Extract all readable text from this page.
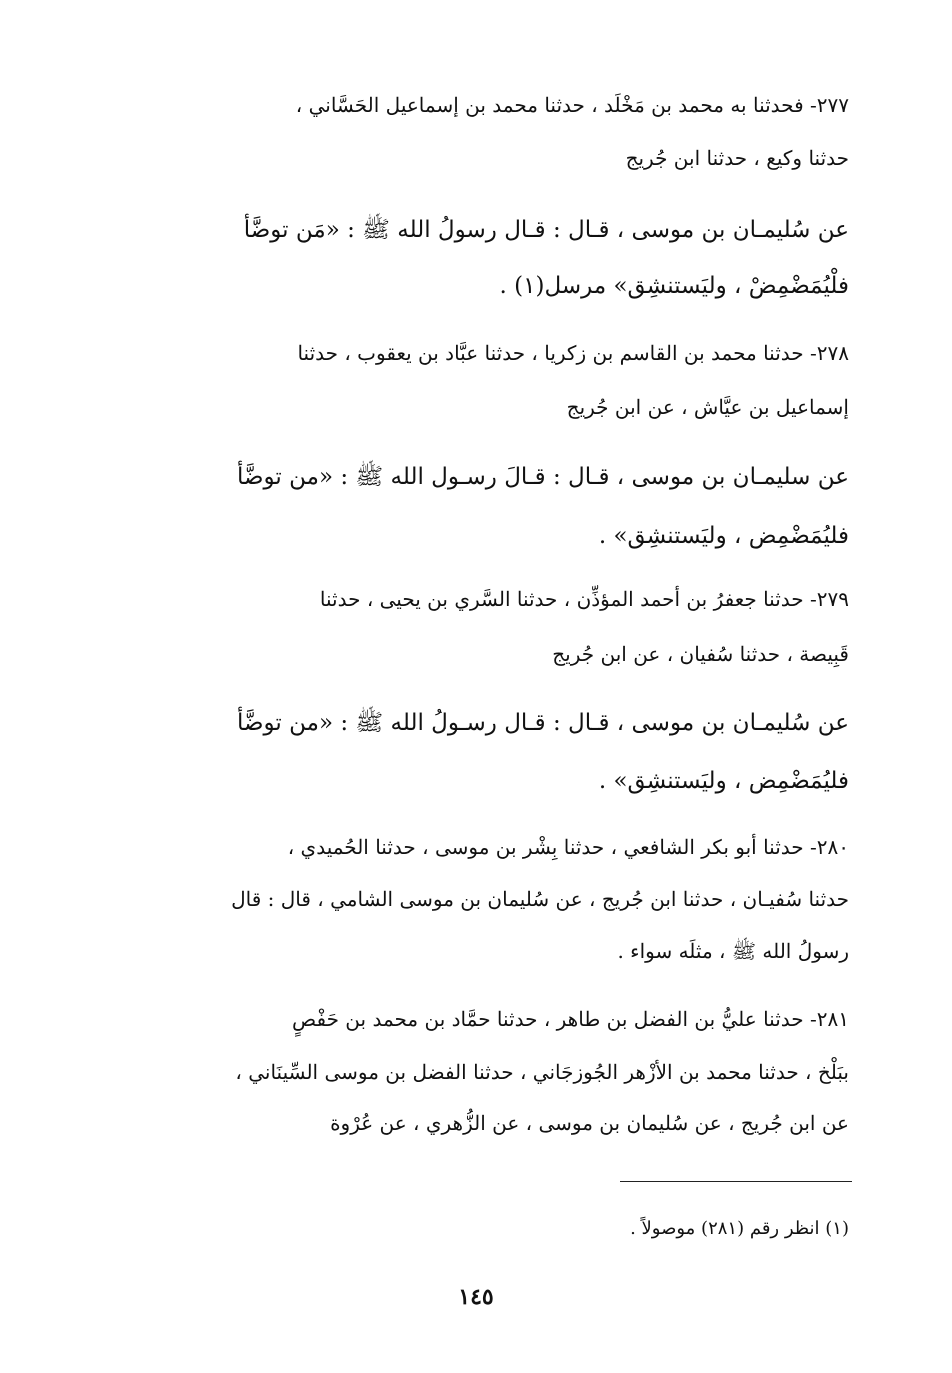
٢٧٧- فحدثنا به محمد بن مَخْلَد ، حدثنا محمد بن إسماعيل الحَسَّاني ،
حدثنا وكيع ، حدثنا ابن جُريج
عن سُليمـان بن موسى ، قـال : قـال رسولُ الله ﷺ : «مَن توضَّأ
فلْيُمَضْمِضْ ، وليَستنشِق» مرسل(١) .
٢٧٨- حدثنا محمد بن القاسم بن زكريا ، حدثنا عبَّاد بن يعقوب ، حدثنا
إسماعيل بن عيَّاش ، عن ابن جُريج
عن سليمـان بن موسى ، قـال : قـالَ رسـول الله ﷺ : «من توضَّأ
فليُمَضْمِض ، وليَستنشِق» .
٢٧٩- حدثنا جعفرُ بن أحمد المؤذِّن ، حدثنا السَّري بن يحيى ، حدثنا
قَبِيصة ، حدثنا سُفيان ، عن ابن جُريج
عن سُليمـان بن موسى ، قـال : قـال رسـولُ الله ﷺ : «من توضَّأ
فليُمَضْمِض ، وليَستنشِق» .
٢٨٠- حدثنا أبو بكر الشافعي ، حدثنا بِشْر بن موسى ، حدثنا الحُميدي ،
حدثنا سُفيـان ، حدثنا ابن جُريج ، عن سُليمان بن موسى الشامي ، قال : قال
رسولُ الله ﷺ ، مثلَه سواء .
٢٨١- حدثنا عليُّ بن الفضل بن طاهر ، حدثنا حمَّاد بن محمد بن حَفْصٍ
ببَلْخ ، حدثنا محمد بن الأزْهر الجُوزجَاني ، حدثنا الفضل بن موسى السِّينَاني ،
عن ابن جُريج ، عن سُليمان بن موسى ، عن الزُّهري ، عن عُرْوة
(١) انظر رقم (٢٨١) موصولاً .
١٤٥
